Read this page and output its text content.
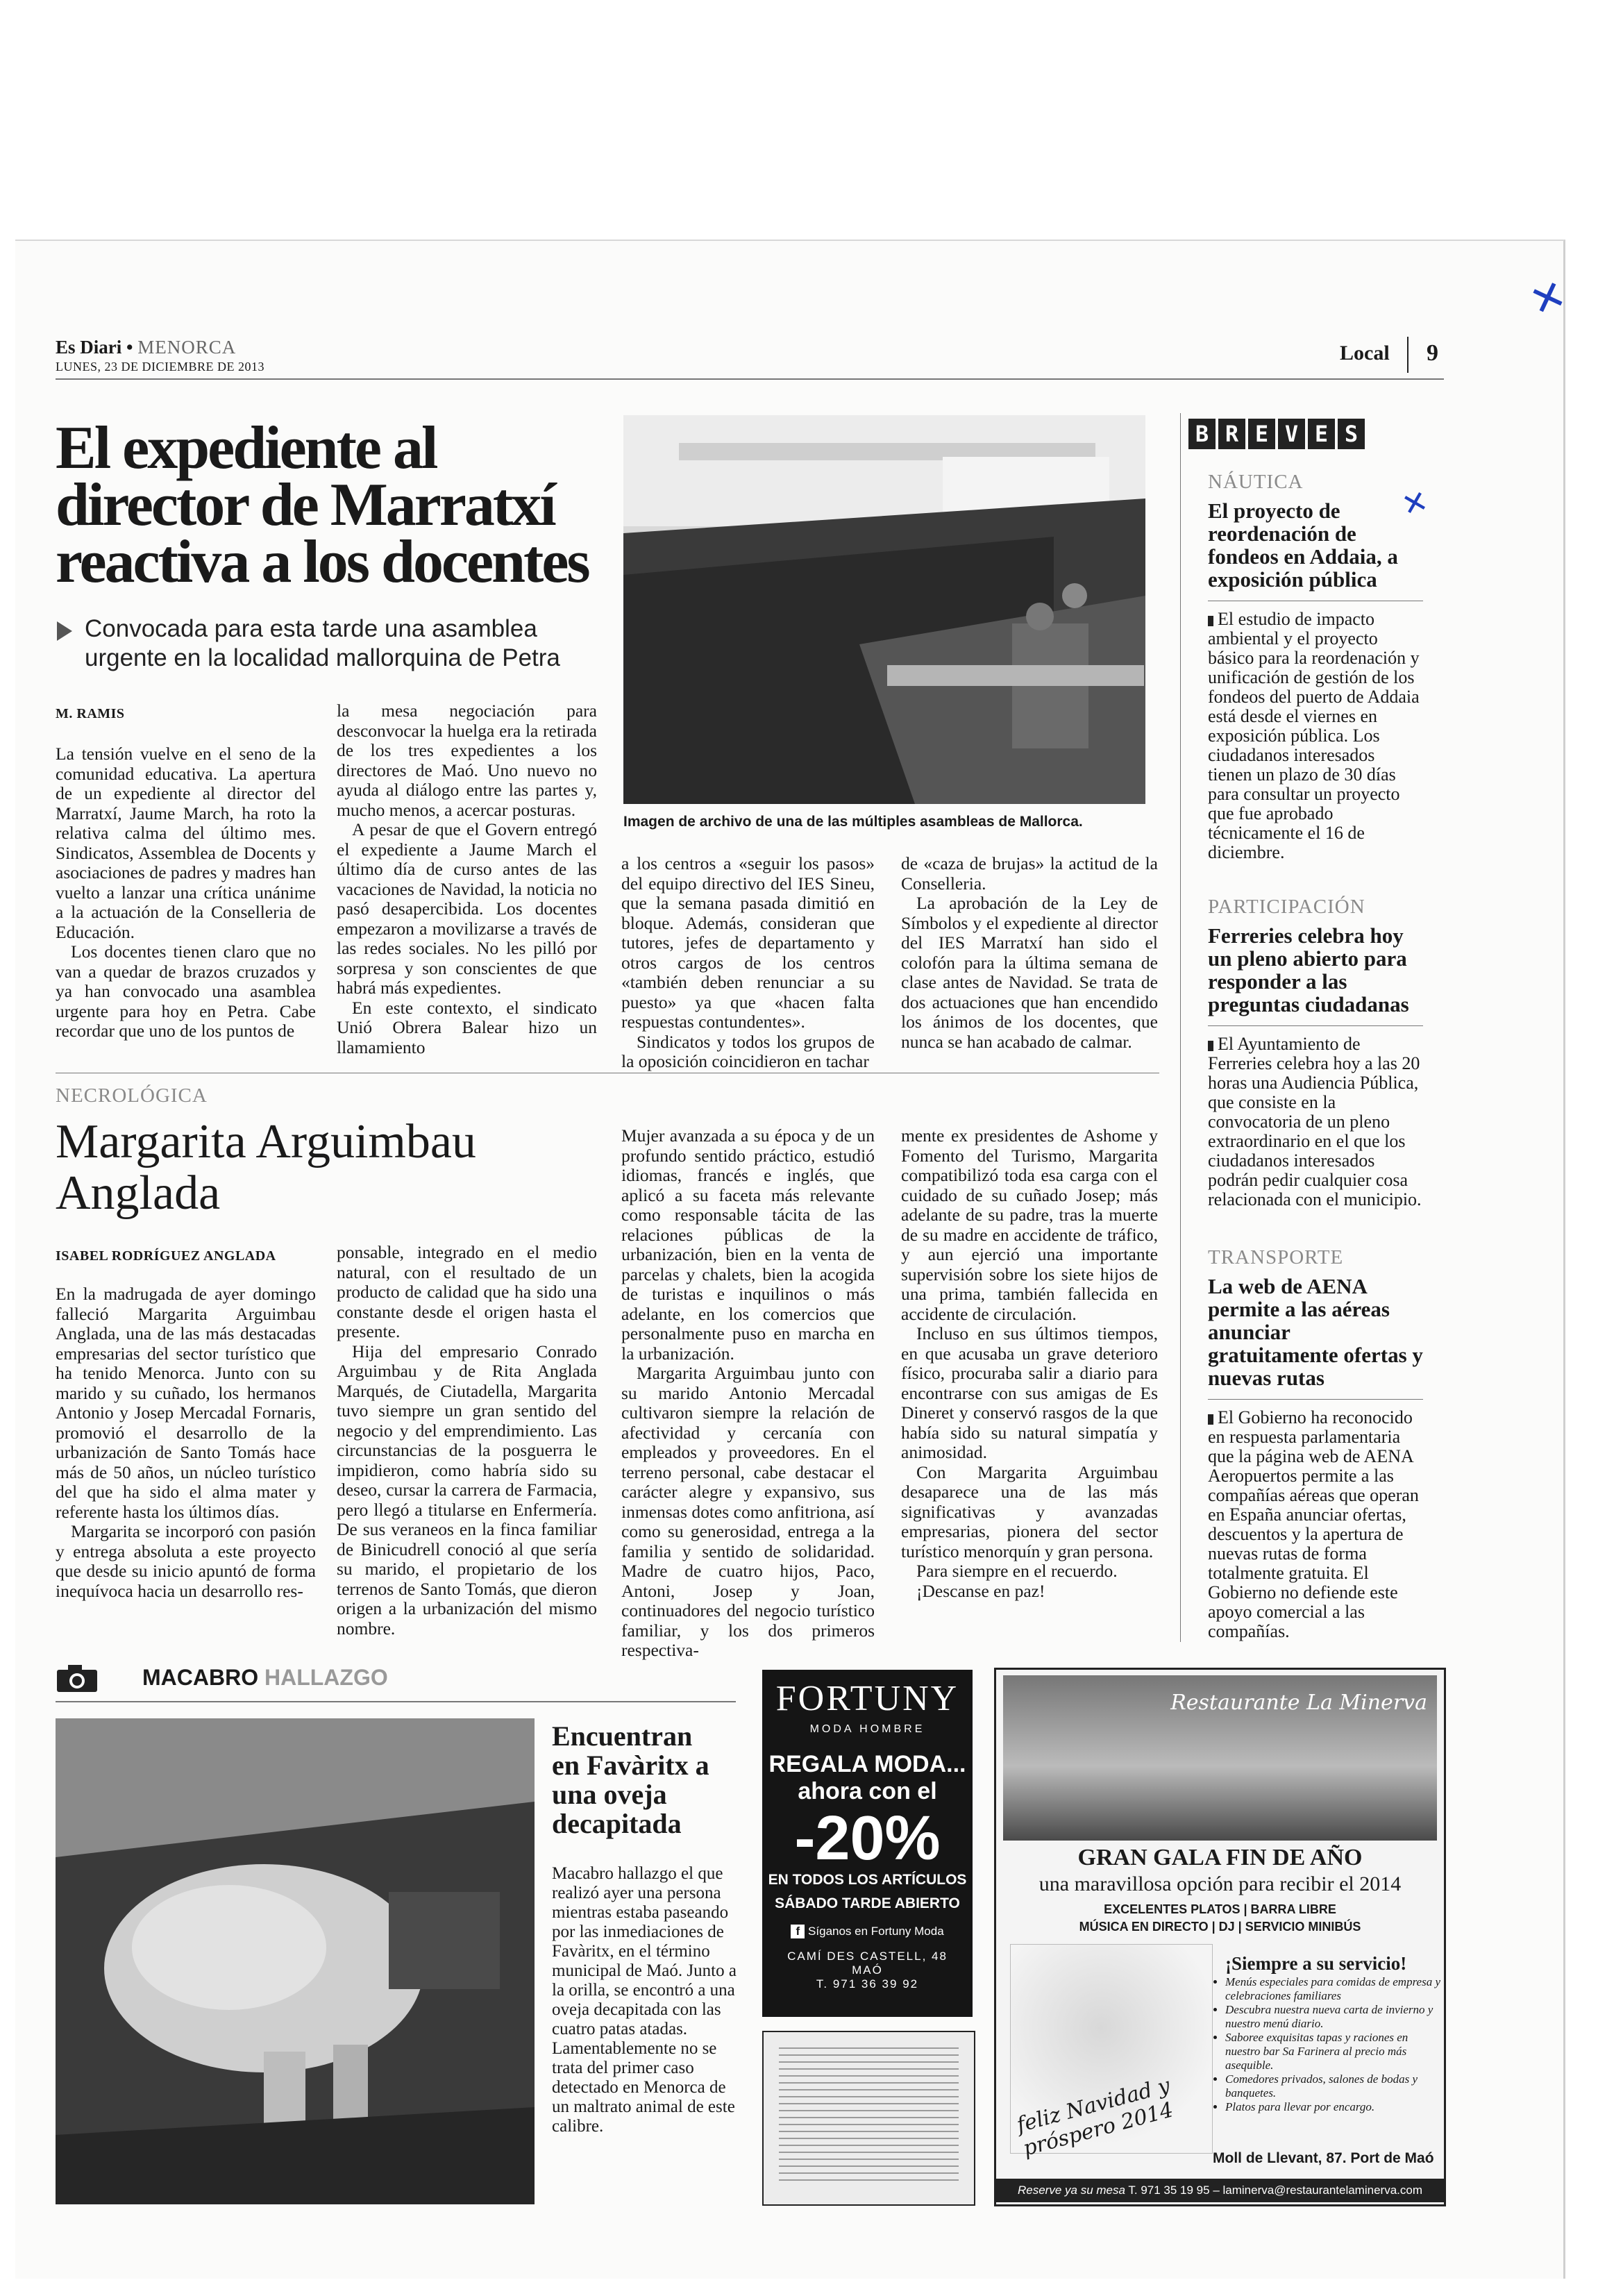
✕
✕
Es Diari • MENORCA
LUNES, 23 DE DICIEMBRE DE 2013
Local 9
El expediente al
director de Marratxí
reactiva a los docentes
Convocada para esta tarde una asamblea
urgente en la localidad mallorquina de Petra
Imagen de archivo de una de las múltiples asambleas de Mallorca.
M. RAMIS

La tensión vuelve en el seno de la comunidad educativa. La apertura de un expediente al director del Marratxí, Jaume March, ha roto la relativa calma del último mes. Sindicatos, Assemblea de Docents y asociaciones de padres y madres han vuelto a lanzar una crítica unánime a la actuación de la Conselleria de Educación.

Los docentes tienen claro que no van a quedar de brazos cruzados y ya han convocado una asamblea urgente para hoy en Petra. Cabe recordar que uno de los puntos de

la mesa negociación para desconvocar la huelga era la retirada de los tres expedientes a los directores de Maó. Uno nuevo no ayuda al diálogo entre las partes y, mucho menos, a acercar posturas.

A pesar de que el Govern entregó el expediente a Jaume March el último día de curso antes de las vacaciones de Navidad, la noticia no pasó desapercibida. Los docentes empezaron a movilizarse a través de las redes sociales. No les pilló por sorpresa y son conscientes de que habrá más expedientes.

En este contexto, el sindicato Unió Obrera Balear hizo un llamamiento

a los centros a «seguir los pasos» del equipo directivo del IES Sineu, que la semana pasada dimitió en bloque. Además, consideran que tutores, jefes de departamento y otros cargos de los centros «también deben renunciar a su puesto» ya que «hacen falta respuestas contundentes».

Sindicatos y todos los grupos de la oposición coincidieron en tachar

de «caza de brujas» la actitud de la Conselleria.

La aprobación de la Ley de Símbolos y el expediente al director del IES Marratxí han sido el colofón para la última semana de clase antes de Navidad. Se trata de dos actuaciones que han encendido los ánimos de los docentes, que nunca se han acabado de calmar.

NECROLÓGICA
Margarita Arguimbau
Anglada
ISABEL RODRÍGUEZ ANGLADA

En la madrugada de ayer domingo falleció Margarita Arguimbau Anglada, una de las más destacadas empresarias del sector turístico que ha tenido Menorca. Junto con su marido y su cuñado, los hermanos Antonio y Josep Mercadal Fornaris, promovió el desarrollo de la urbanización de Santo Tomás hace más de 50 años, un núcleo turístico del que ha sido el alma mater y referente hasta los últimos días.

Margarita se incorporó con pasión y entrega absoluta a este proyecto que desde su inicio apuntó de forma inequívoca hacia un desarrollo res-

ponsable, integrado en el medio natural, con el resultado de un producto de calidad que ha sido una constante desde el origen hasta el presente.

Hija del empresario Conrado Arguimbau y de Rita Anglada Marqués, de Ciutadella, Margarita tuvo siempre un gran sentido del negocio y del emprendimiento. Las circunstancias de la posguerra le impidieron, como habría sido su deseo, cursar la carrera de Farmacia, pero llegó a titularse en Enfermería. De sus veraneos en la finca familiar de Binicudrell conoció al que sería su marido, el propietario de los terrenos de Santo Tomás, que dieron origen a la urbanización del mismo nombre.

Mujer avanzada a su época y de un profundo sentido práctico, estudió idiomas, francés e inglés, que aplicó a su faceta más relevante como responsable tácita de las relaciones públicas de la urbanización, bien en la venta de parcelas y chalets, bien la acogida de turistas e inquilinos o más adelante, en los comercios que personalmente puso en marcha en la urbanización.

Margarita Arguimbau junto con su marido Antonio Mercadal cultivaron siempre la relación de afectividad y cercanía con empleados y proveedores. En el terreno personal, cabe destacar el carácter alegre y expansivo, sus inmensas dotes como anfitriona, así como su generosidad, entrega a la familia y sentido de solidaridad. Madre de cuatro hijos, Paco, Antoni, Josep y Joan, continuadores del negocio turístico familiar, y los dos primeros respectiva-

mente ex presidentes de Ashome y Fomento del Turismo, Margarita compatibilizó toda esa carga con el cuidado de su cuñado Josep; más adelante de su padre, tras la muerte de su madre en accidente de tráfico, y aun ejerció una importante supervisión sobre los siete hijos de una prima, también fallecida en accidente de circulación.

Incluso en sus últimos tiempos, en que acusaba un grave deterioro físico, procuraba salir a diario para encontrarse con sus amigas de Es Dineret y conservó rasgos de la que había sido su natural simpatía y animosidad.

Con Margarita Arguimbau desaparece una de las más significativas y avanzadas empresarias, pionera del sector turístico menorquín y gran persona.

Para siempre en el recuerdo.

¡Descanse en paz!

B R E V E S
NÁUTICA
El proyecto de reordenación de fondeos en Addaia, a exposición pública
El estudio de impacto ambiental y el proyecto básico para la reordenación y unificación de gestión de los fondeos del puerto de Addaia está desde el viernes en exposición pública. Los ciudadanos interesados tienen un plazo de 30 días para consultar un proyecto que fue aprobado técnicamente el 16 de diciembre.
PARTICIPACIÓN
Ferreries celebra hoy un pleno abierto para responder a las preguntas ciudadanas
El Ayuntamiento de Ferreries celebra hoy a las 20 horas una Audiencia Pública, que consiste en la convocatoria de un pleno extraordinario en el que los ciudadanos interesados podrán pedir cualquier cosa relacionada con el municipio.
TRANSPORTE
La web de AENA permite a las aéreas anunciar gratuitamente ofertas y nuevas rutas
El Gobierno ha reconocido en respuesta parlamentaria que la página web de AENA Aeropuertos permite a las compañías aéreas que operan en España anunciar ofertas, descuentos y la apertura de nuevas rutas de forma totalmente gratuita. El Gobierno no defiende este apoyo comercial a las compañías.
MACABRO HALLAZGO
Encuentran
en Favàritx a
una oveja
decapitada
Macabro hallazgo el que realizó ayer una persona mientras estaba paseando por las inmediaciones de Favàritx, en el término municipal de Maó. Junto a la orilla, se encontró a una oveja decapitada con las cuatro patas atadas. Lamentablemente no se trata del primer caso detectado en Menorca de un maltrato animal de este calibre.
FORTUNY
MODA HOMBRE
REGALA MODA...
ahora con el
-20%
EN TODOS LOS ARTÍCULOS
SÁBADO TARDE ABIERTO
f Síganos en Fortuny Moda
CAMÍ DES CASTELL, 48
MAÓ
T. 971 36 39 92
Restaurante La Minerva
GRAN GALA FIN DE AÑO
una maravillosa opción para recibir el 2014
EXCELENTES PLATOS | BARRA LIBRE
MÚSICA EN DIRECTO | DJ | SERVICIO MINIBÚS
feliz Navidad y próspero 2014
¡Siempre a su servicio!
• Menús especiales para comidas de empresa y celebraciones familiares
• Descubra nuestra nueva carta de invierno y nuestro menú diario.
• Saboree exquisitas tapas y raciones en nuestro bar Sa Farinera al precio más asequible.
• Comedores privados, salones de bodas y banquetes.
• Platos para llevar por encargo.
Moll de Llevant, 87. Port de Maó
Reserve ya su mesa T. 971 35 19 95 – laminerva@restaurantelaminerva.com
